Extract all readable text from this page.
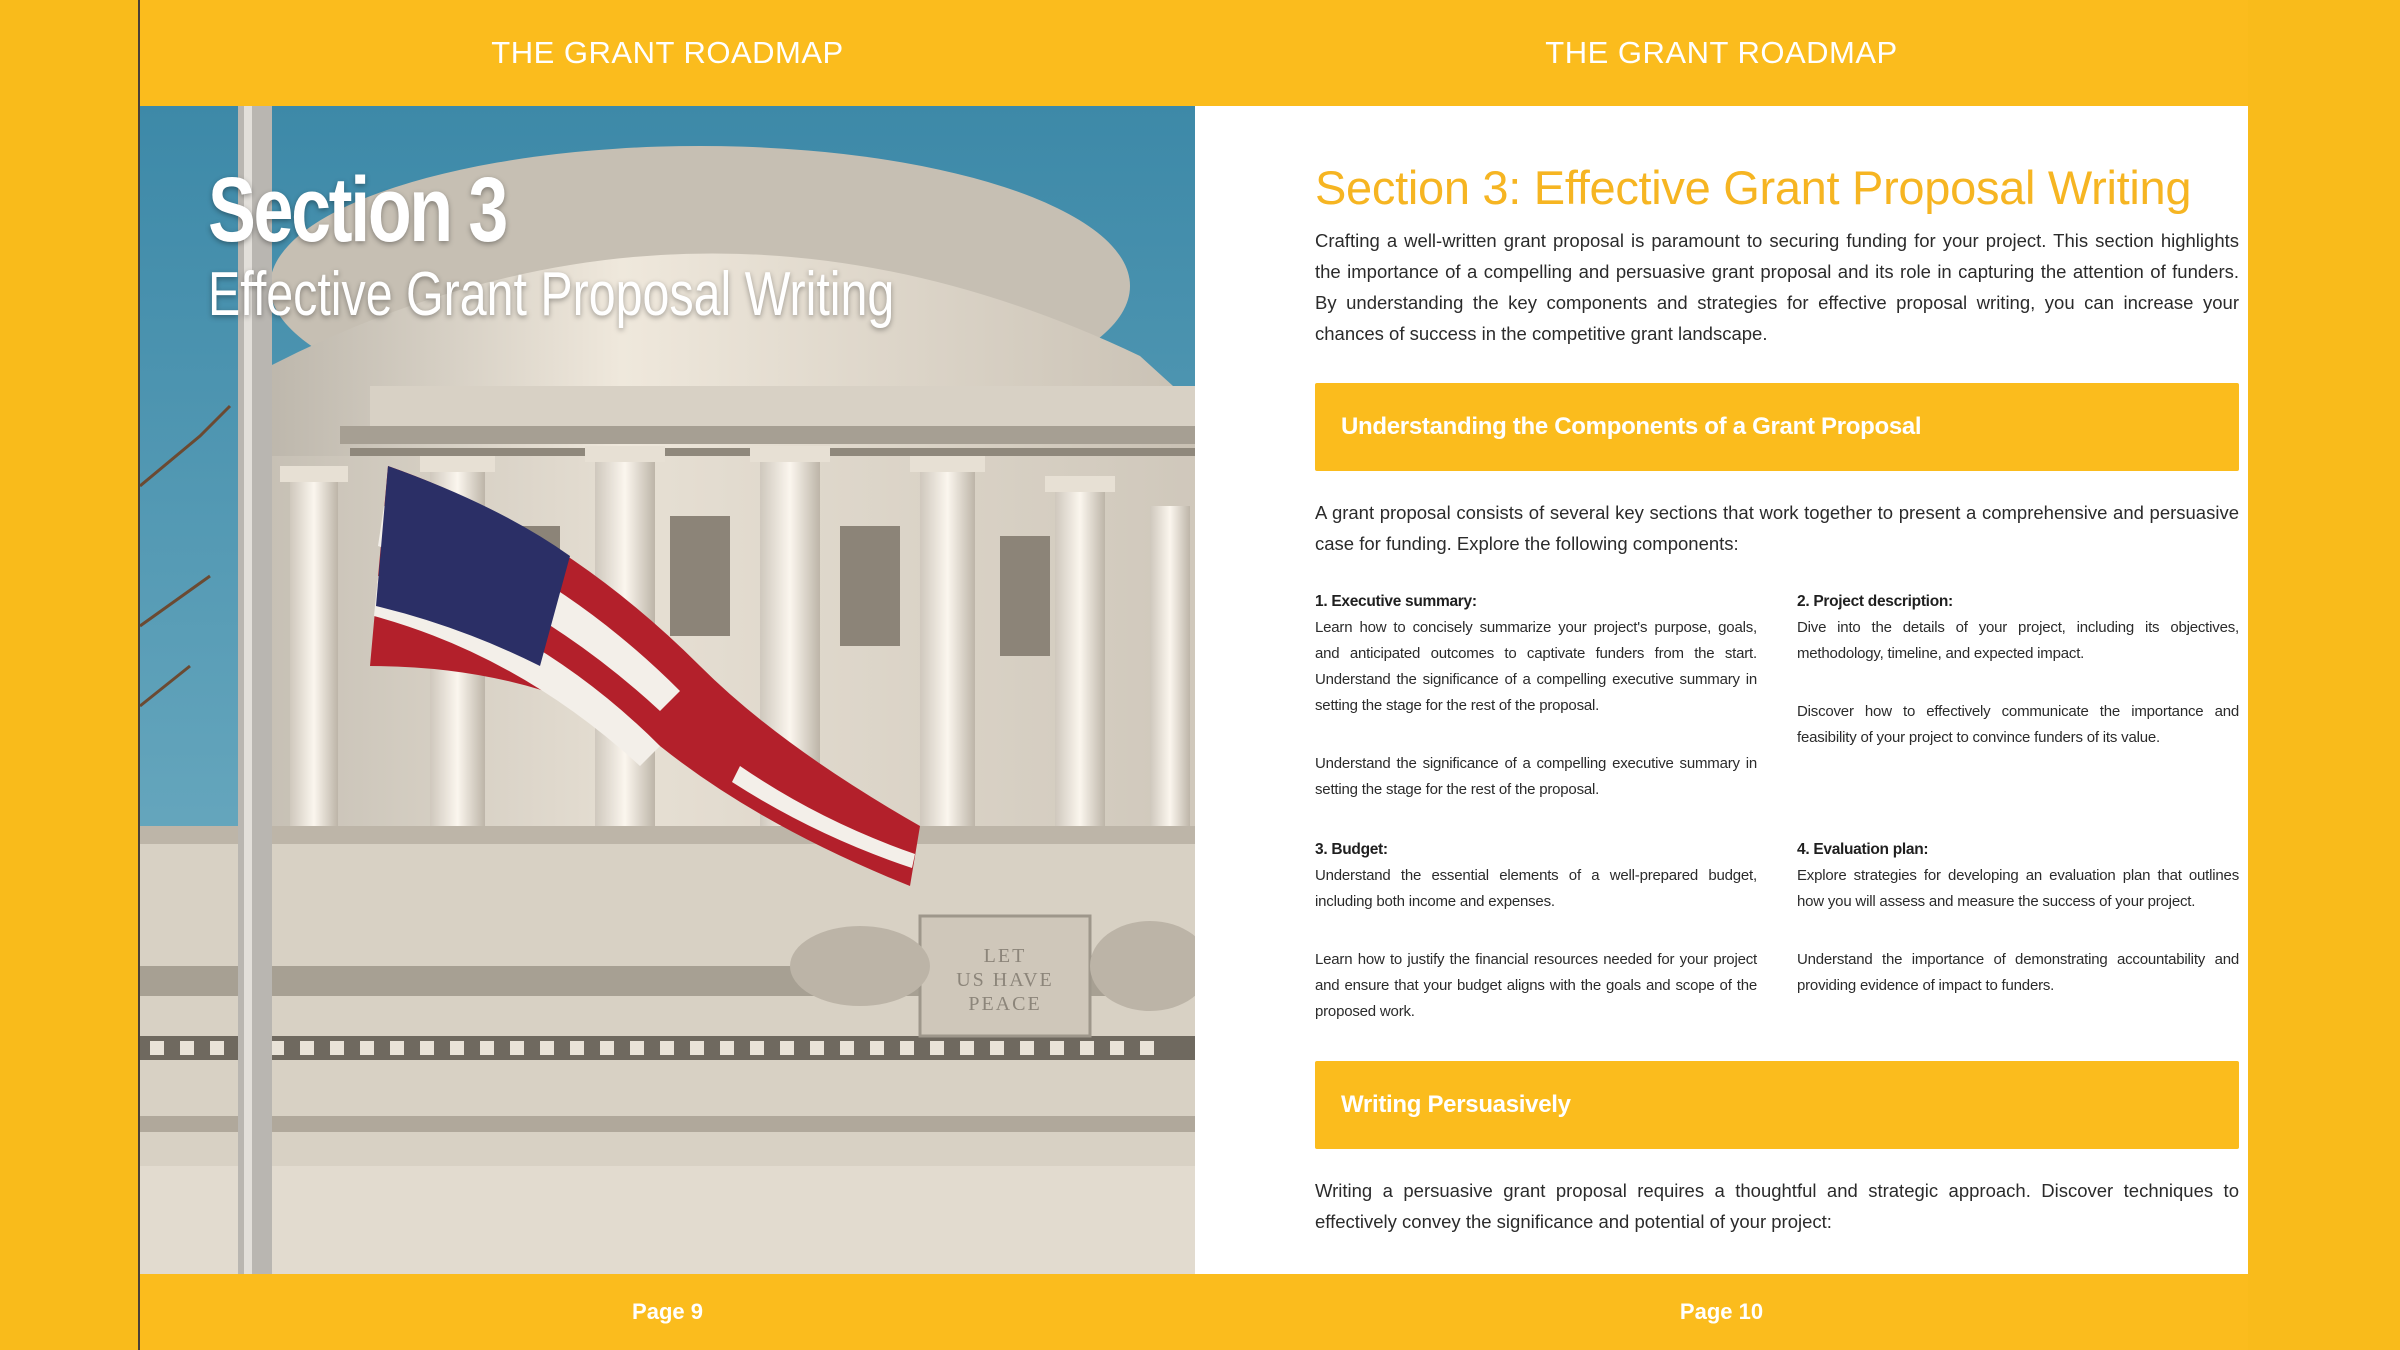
THE GRANT ROADMAP
LET
US HAVE
PEACE
Section 3
Effective Grant Proposal Writing
Page 9
THE GRANT ROADMAP
Section 3: Effective Grant Proposal Writing

Crafting a well-written grant proposal is paramount to securing funding for your project. This section highlights the importance of a compelling and persuasive grant proposal and its role in capturing the attention of funders. By understanding the key components and strategies for effective proposal writing, you can increase your chances of success in the competitive grant landscape.

Understanding the Components of a Grant Proposal

A grant proposal consists of several key sections that work together to present a comprehensive and persuasive case for funding. Explore the following components:

1. Executive summary:

Learn how to concisely summarize your project's purpose, goals, and anticipated outcomes to captivate funders from the start. Understand the significance of a compelling executive summary in setting the stage for the rest of the proposal.

Understand the significance of a compelling executive summary in setting the stage for the rest of the proposal.

2. Project description:

Dive into the details of your project, including its objectives, methodology, timeline, and expected impact.

Discover how to effectively communicate the importance and feasibility of your project to convince funders of its value.

3. Budget:

Understand the essential elements of a well-prepared budget, including both income and expenses.

Learn how to justify the financial resources needed for your project and ensure that your budget aligns with the goals and scope of the proposed work.

4. Evaluation plan:

Explore strategies for developing an evaluation plan that outlines how you will assess and measure the success of your project.

Understand the importance of demonstrating accountability and providing evidence of impact to funders.

Writing Persuasively

Writing a persuasive grant proposal requires a thoughtful and strategic approach. Discover techniques to effectively convey the significance and potential of your project:

Page 10
